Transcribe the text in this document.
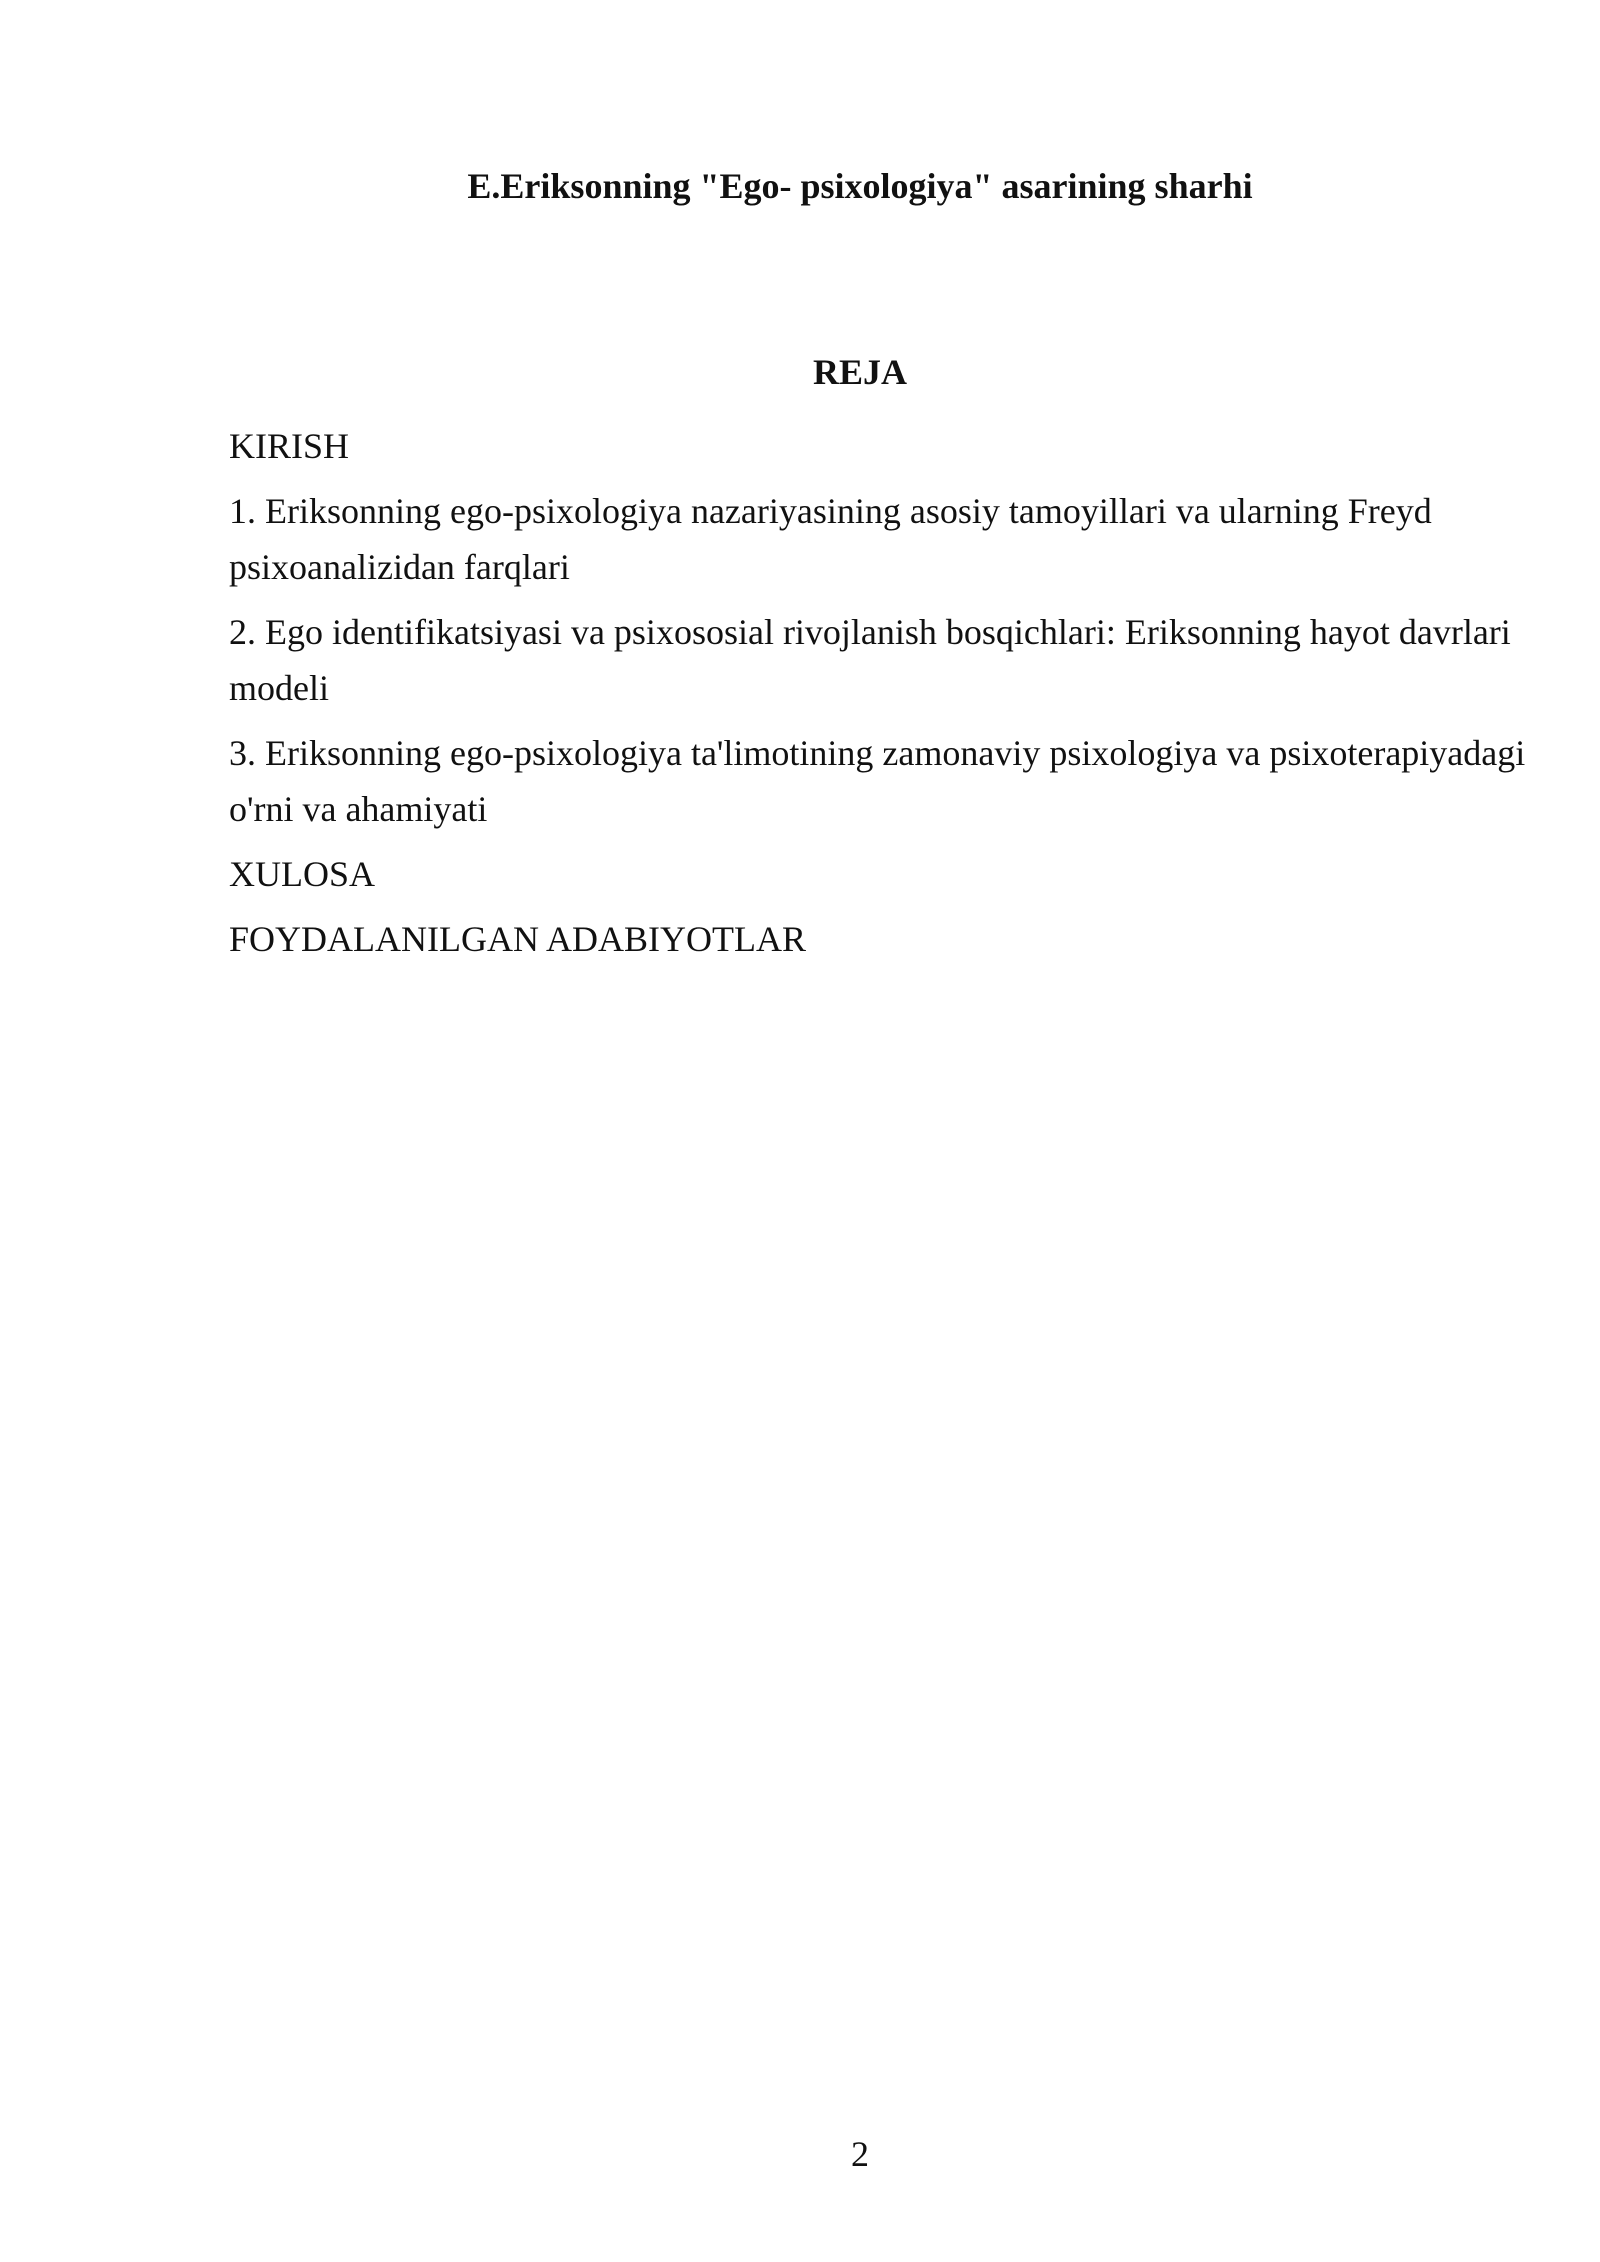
E.Eriksonning "Ego- psixologiya" asarining sharhi
REJA
KIRISH
1. Eriksonning ego-psixologiya nazariyasining asosiy tamoyillari va ularning Freyd psixoanalizidan farqlari
2. Ego identifikatsiyasi va psixososial rivojlanish bosqichlari: Eriksonning hayot davrlari modeli
3. Eriksonning ego-psixologiya ta'limotining zamonaviy psixologiya va psixoterapiyadagi o'rni va ahamiyati
XULOSA
FOYDALANILGAN ADABIYOTLAR
2
